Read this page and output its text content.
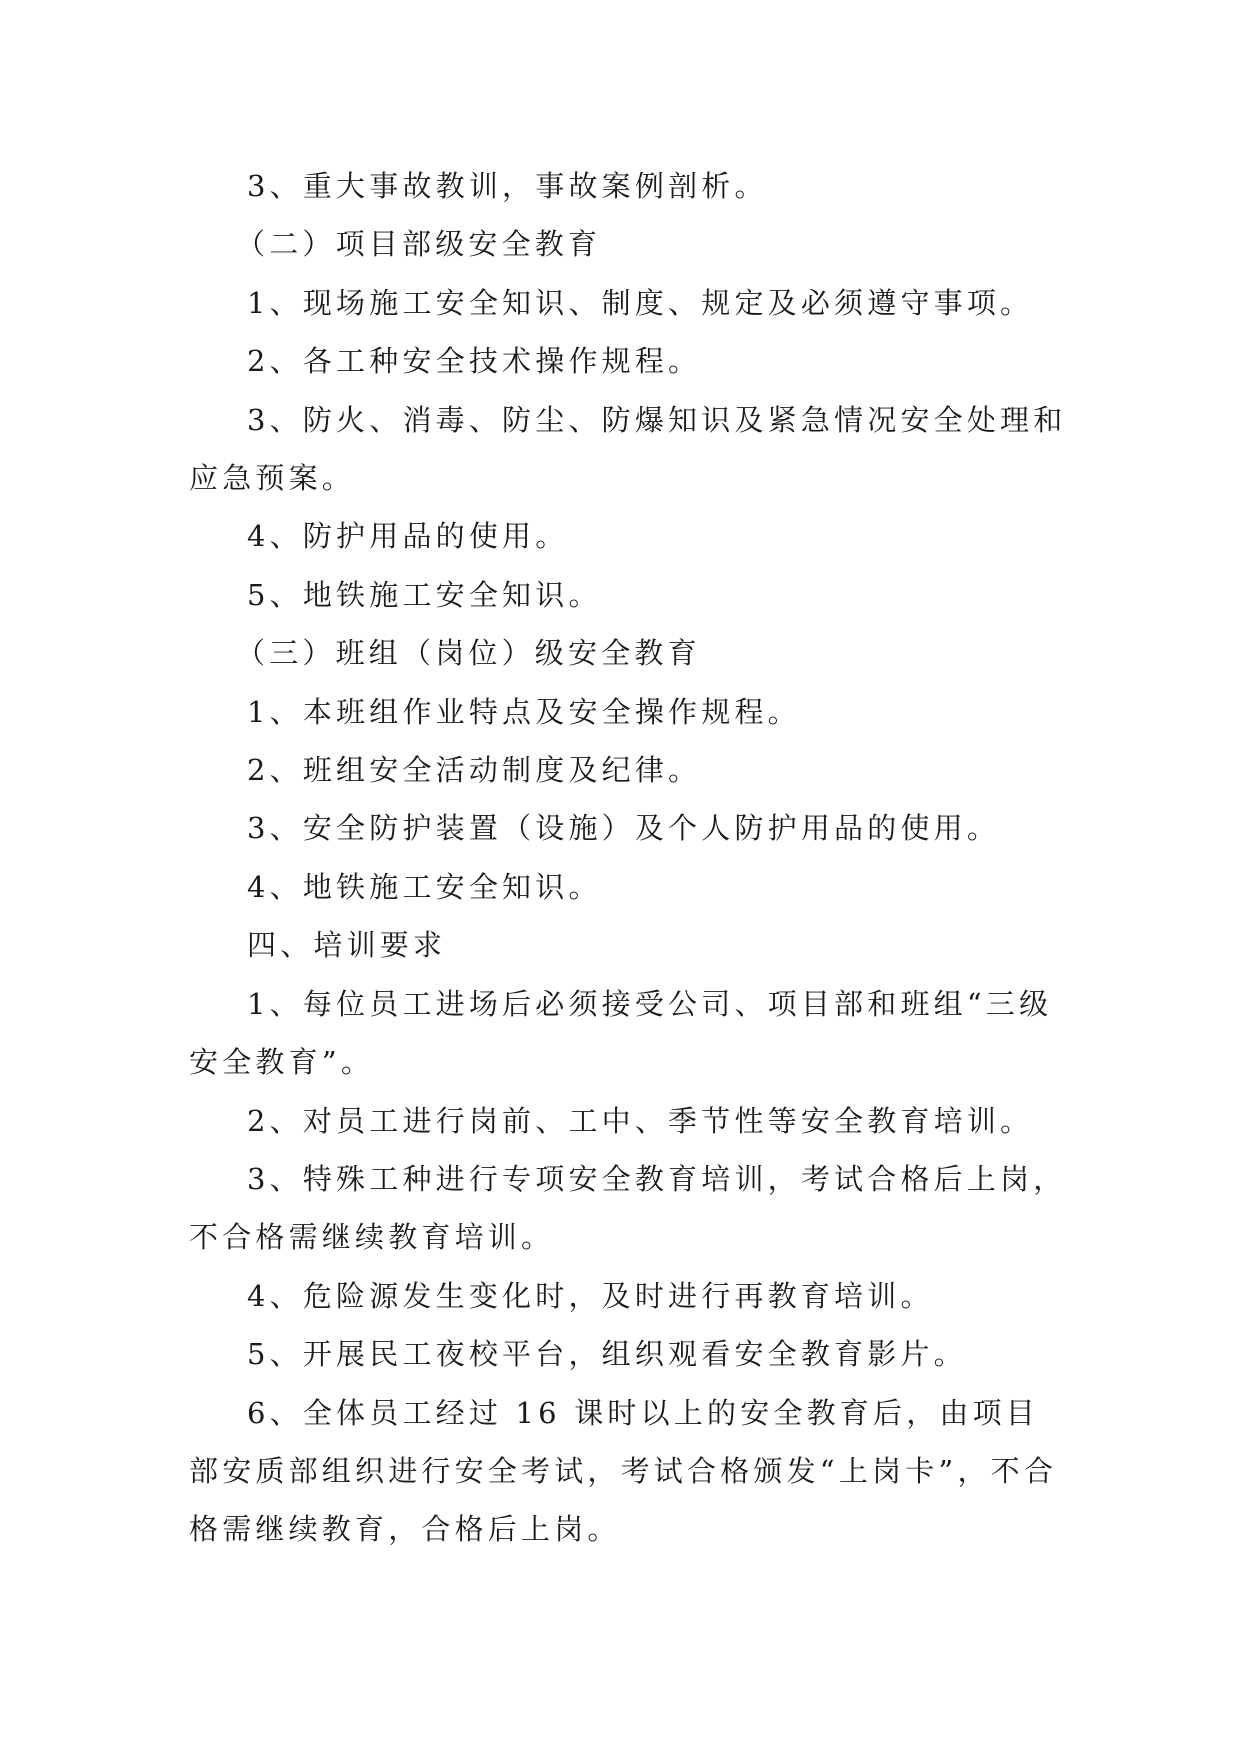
3、重大事故教训，事故案例剖析。

（二）项目部级安全教育

1、现场施工安全知识、制度、规定及必须遵守事项。

2、各工种安全技术操作规程。

3、防火、消毒、防尘、防爆知识及紧急情况安全处理和应急预案。

4、防护用品的使用。

5、地铁施工安全知识。

（三）班组（岗位）级安全教育

1、本班组作业特点及安全操作规程。

2、班组安全活动制度及纪律。

3、安全防护装置（设施）及个人防护用品的使用。

4、地铁施工安全知识。

四、培训要求

1、每位员工进场后必须接受公司、项目部和班组“三级安全教育”。

2、对员工进行岗前、工中、季节性等安全教育培训。

3、特殊工种进行专项安全教育培训，考试合格后上岗，不合格需继续教育培训。

4、危险源发生变化时，及时进行再教育培训。

5、开展民工夜校平台，组织观看安全教育影片。

6、全体员工经过 16 课时以上的安全教育后，由项目部安质部组织进行安全考试，考试合格颁发“上岗卡”，不合格需继续教育，合格后上岗。
